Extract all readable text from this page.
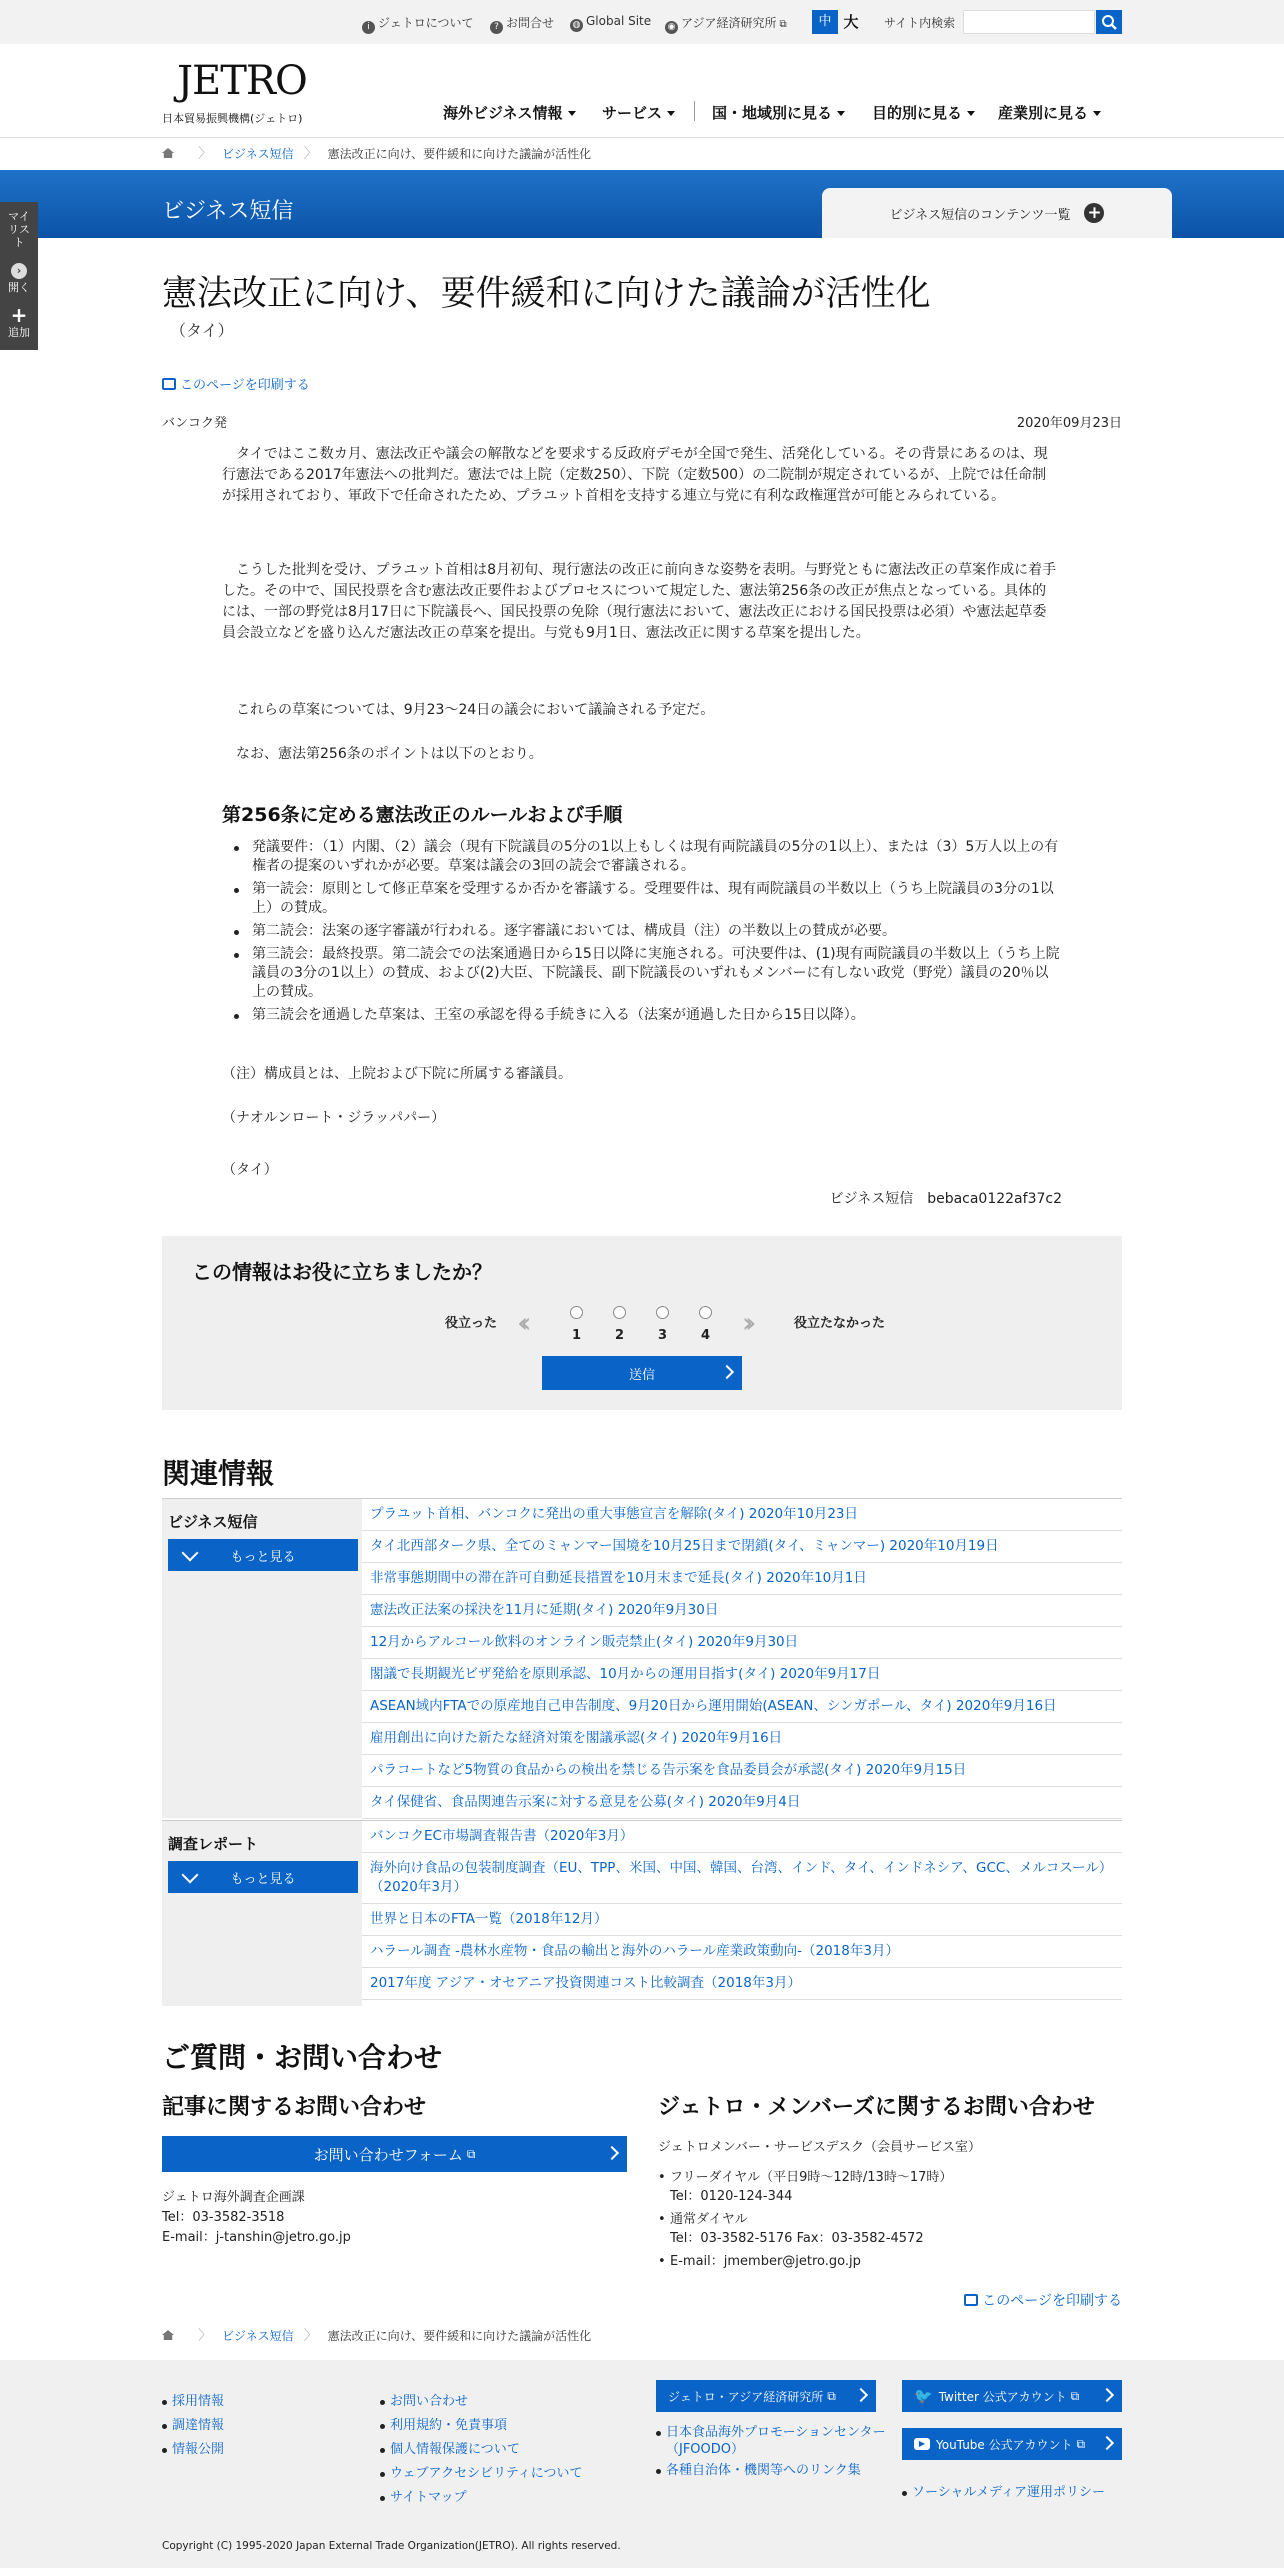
i ジェトロについて	? お問合せ ◍ Global Site ◉ アジア経済研究所 ⧉	中 大	サイト内検索
JETRO
日本貿易振興機構(ジェトロ)	海外ビジネス情報	サービス	国・地域別に見る	目的別に見る	産業別に見る
〉 ビジネス短信 〉 憲法改正に向け、要件緩和に向けた議論が活性化
ビジネス短信	ビジネス短信のコンテンツ一覧 +
マイリスト
›
開く
+
追加
憲法改正に向け、要件緩和に向けた議論が活性化
（タイ）
このページを印刷する
バンコク発	2020年09月23日

タイではここ数カ月、憲法改正や議会の解散などを要求する反政府デモが全国で発生、活発化している。その背景にあるのは、現行憲法である2017年憲法への批判だ。憲法では上院（定数250）、下院（定数500）の二院制が規定されているが、上院では任命制が採用されており、軍政下で任命されたため、プラユット首相を支持する連立与党に有利な政権運営が可能とみられている。

こうした批判を受け、プラユット首相は8月初旬、現行憲法の改正に前向きな姿勢を表明。与野党ともに憲法改正の草案作成に着手した。その中で、国民投票を含む憲法改正要件およびプロセスについて規定した、憲法第256条の改正が焦点となっている。具体的には、一部の野党は8月17日に下院議長へ、国民投票の免除（現行憲法において、憲法改正における国民投票は必須）や憲法起草委員会設立などを盛り込んだ憲法改正の草案を提出。与党も9月1日、憲法改正に関する草案を提出した。

これらの草案については、9月23～24日の議会において議論される予定だ。

なお、憲法第256条のポイントは以下のとおり。

第256条に定める憲法改正のルールおよび手順
発議要件：（1）内閣、（2）議会（現有下院議員の5分の1以上もしくは現有両院議員の5分の1以上）、または（3）5万人以上の有権者の提案のいずれかが必要。草案は議会の3回の読会で審議される。
第一読会：原則として修正草案を受理するか否かを審議する。受理要件は、現有両院議員の半数以上（うち上院議員の3分の1以上）の賛成。
第二読会：法案の逐字審議が行われる。逐字審議においては、構成員（注）の半数以上の賛成が必要。
第三読会：最終投票。第二読会での法案通過日から15日以降に実施される。可決要件は、(1)現有両院議員の半数以上（うち上院議員の3分の1以上）の賛成、および(2)大臣、下院議長、副下院議長のいずれもメンバーに有しない政党（野党）議員の20％以上の賛成。
第三読会を通過した草案は、王室の承認を得る手続きに入る（法案が通過した日から15日以降）。

（注）構成員とは、上院および下院に所属する審議員。

（ナオルンロート・ジラッパパー）

（タイ）

ビジネス短信　bebaca0122af37c2
この情報はお役に立ちましたか？
役立った ‹‹	1	2	3	4 ››	役立たなかった
送信
関連情報
ビジネス短信
もっと見る
プラユット首相、バンコクに発出の重大事態宣言を解除(タイ) 2020年10月23日
タイ北西部ターク県、全てのミャンマー国境を10月25日まで閉鎖(タイ、ミャンマー) 2020年10月19日
非常事態期間中の滞在許可自動延長措置を10月末まで延長(タイ) 2020年10月1日
憲法改正法案の採決を11月に延期(タイ) 2020年9月30日
12月からアルコール飲料のオンライン販売禁止(タイ) 2020年9月30日
閣議で長期観光ビザ発給を原則承認、10月からの運用目指す(タイ) 2020年9月17日
ASEAN域内FTAでの原産地自己申告制度、9月20日から運用開始(ASEAN、シンガポール、タイ) 2020年9月16日
雇用創出に向けた新たな経済対策を閣議承認(タイ) 2020年9月16日
パラコートなど5物質の食品からの検出を禁じる告示案を食品委員会が承認(タイ) 2020年9月15日
タイ保健省、食品関連告示案に対する意見を公募(タイ) 2020年9月4日
調査レポート
もっと見る
バンコクEC市場調査報告書（2020年3月）
海外向け食品の包装制度調査（EU、TPP、米国、中国、韓国、台湾、インド、タイ、インドネシア、GCC、メルコスール）（2020年3月）
世界と日本のFTA一覧（2018年12月）
ハラール調査 -農林水産物・食品の輸出と海外のハラール産業政策動向-（2018年3月）
2017年度 アジア・オセアニア投資関連コスト比較調査（2018年3月）
ご質問・お問い合わせ
記事に関するお問い合わせ
お問い合わせフォーム ⧉
ジェトロ海外調査企画課
Tel：03-3582-3518
E-mail：j-tanshin@jetro.go.jp
ジェトロ・メンバーズに関するお問い合わせ
ジェトロメンバー・サービスデスク（会員サービス室）
• フリーダイヤル（平日9時～12時/13時～17時）
Tel：0120-124-344
• 通常ダイヤル
Tel：03-3582-5176 Fax：03-3582-4572
• E-mail：jmember@jetro.go.jp
このページを印刷する
〉 ビジネス短信 〉 憲法改正に向け、要件緩和に向けた議論が活性化
採用情報
調達情報
情報公開
お問い合わせ
利用規約・免責事項
個人情報保護について
ウェブアクセシビリティについて
サイトマップ
ジェトロ・アジア経済研究所 ⧉
日本食品海外プロモーションセンター（JFOODO）
各種自治体・機関等へのリンク集
🐦 Twitter 公式アカウント ⧉
▶ YouTube 公式アカウント ⧉
ソーシャルメディア運用ポリシー
Copyright (C) 1995-2020 Japan External Trade Organization(JETRO). All rights reserved.
